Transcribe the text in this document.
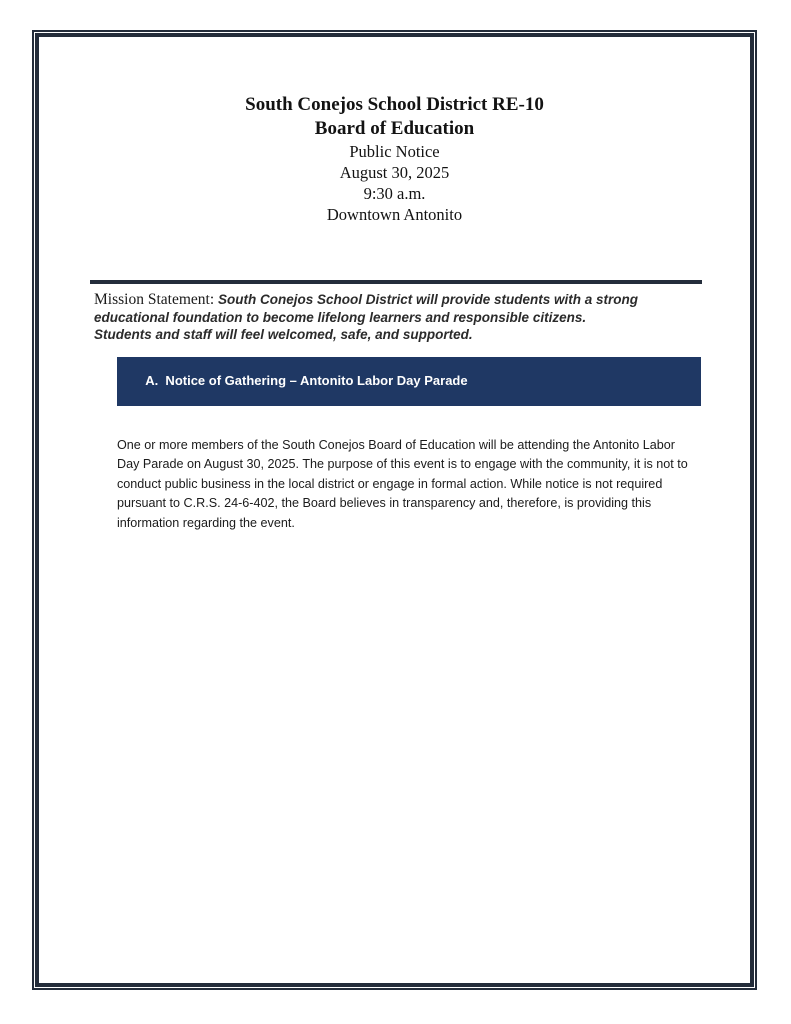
South Conejos School District RE-10
Board of Education
Public Notice
August 30, 2025
9:30 a.m.
Downtown Antonito

Mission Statement: South Conejos School District will provide students with a strong educational foundation to become lifelong learners and responsible citizens.
Students and staff will feel welcomed, safe, and supported.

A.  Notice of Gathering – Antonito Labor Day Parade

One or more members of the South Conejos Board of Education will be attending the Antonito Labor Day Parade on August 30, 2025. The purpose of this event is to engage with the community, it is not to conduct public business in the local district or engage in formal action. While notice is not required pursuant to C.R.S. 24-6-402, the Board believes in transparency and, therefore, is providing this information regarding the event.
